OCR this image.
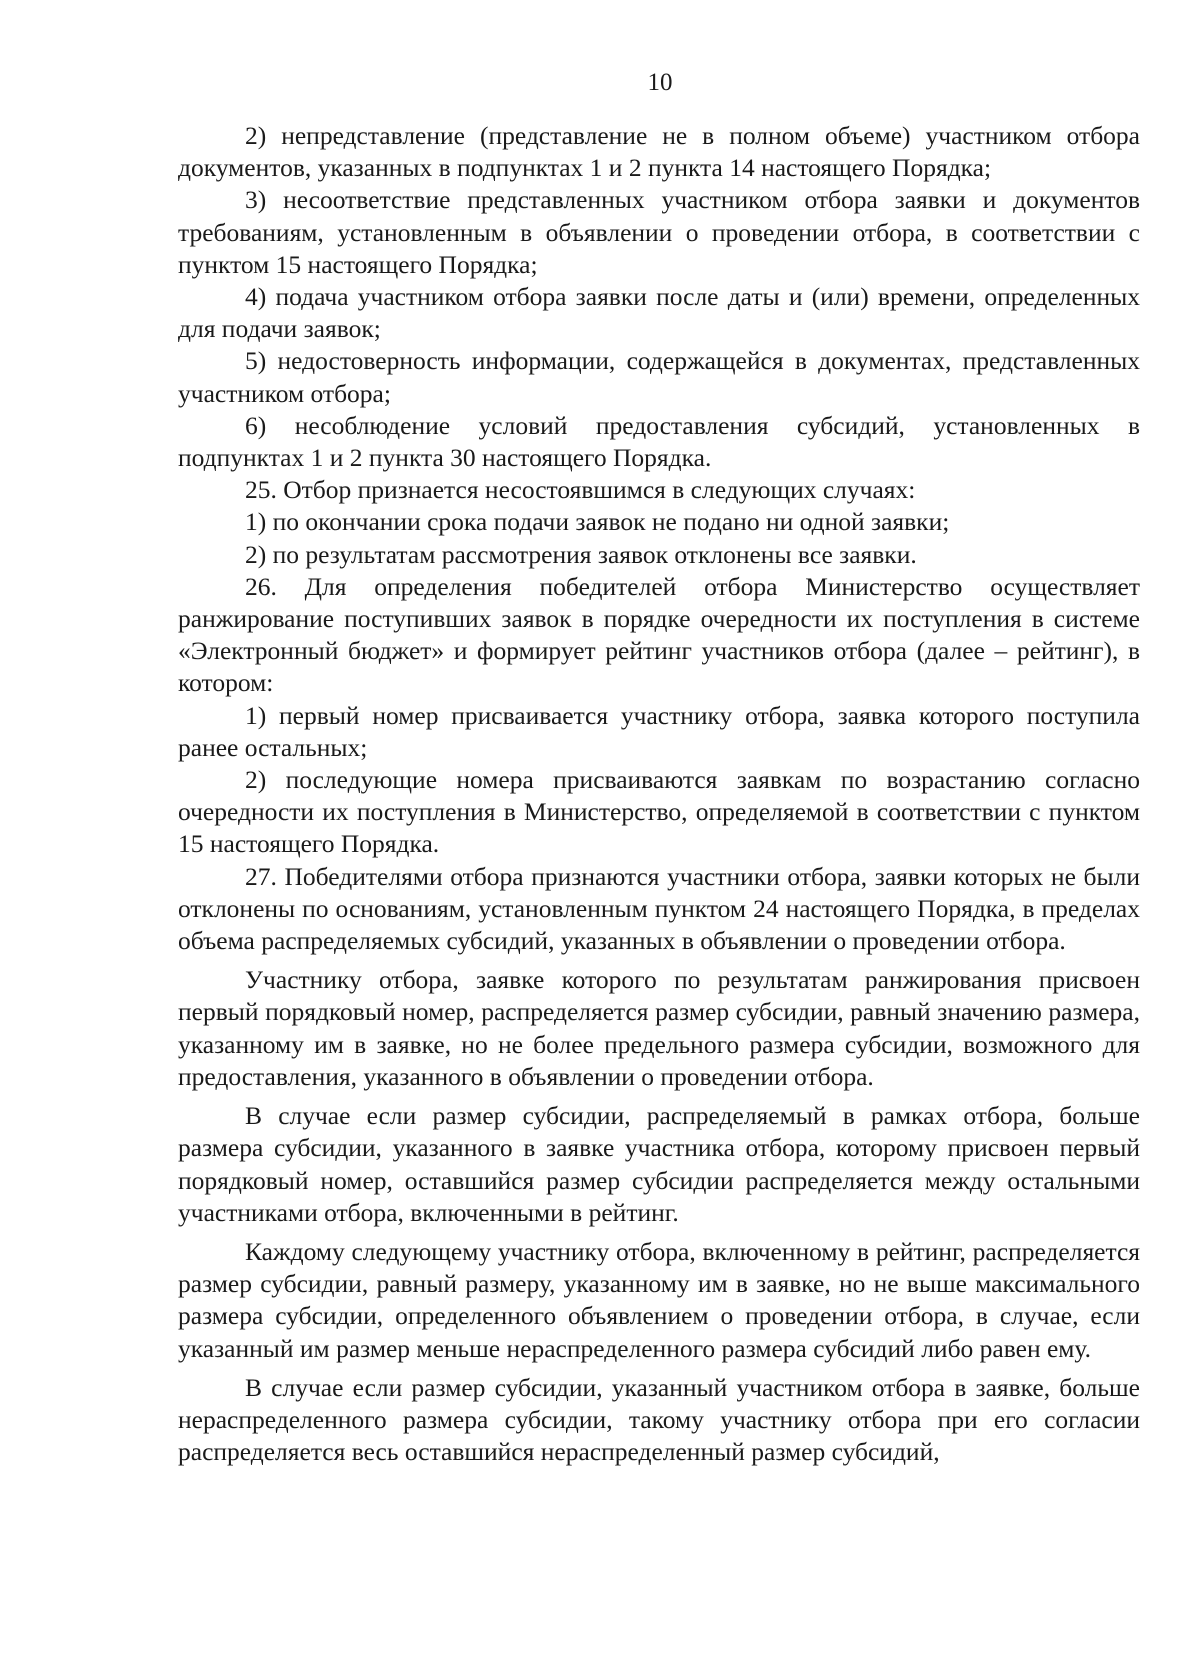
10

2) непредставление (представление не в полном объеме) участником отбора документов, указанных в подпунктах 1 и 2 пункта 14 настоящего Порядка;

3) несоответствие представленных участником отбора заявки и документов требованиям, установленным в объявлении о проведении отбора, в соответствии с пунктом 15 настоящего Порядка;

4) подача участником отбора заявки после даты и (или) времени, определенных для подачи заявок;

5) недостоверность информации, содержащейся в документах, представленных участником отбора;

6) несоблюдение условий предоставления субсидий, установленных в подпунктах 1 и 2 пункта 30 настоящего Порядка.

25. Отбор признается несостоявшимся в следующих случаях:

1) по окончании срока подачи заявок не подано ни одной заявки;

2) по результатам рассмотрения заявок отклонены все заявки.

26. Для определения победителей отбора Министерство осуществляет ранжирование поступивших заявок в порядке очередности их поступления в системе «Электронный бюджет» и формирует рейтинг участников отбора (далее – рейтинг), в котором:

1) первый номер присваивается участнику отбора, заявка которого поступила ранее остальных;

2) последующие номера присваиваются заявкам по возрастанию согласно очередности их поступления в Министерство, определяемой в соответствии с пунктом 15 настоящего Порядка.

27. Победителями отбора признаются участники отбора, заявки которых не были отклонены по основаниям, установленным пунктом 24 настоящего Порядка, в пределах объема распределяемых субсидий, указанных в объявлении о проведении отбора.

Участнику отбора, заявке которого по результатам ранжирования присвоен первый порядковый номер, распределяется размер субсидии, равный значению размера, указанному им в заявке, но не более предельного размера субсидии, возможного для предоставления, указанного в объявлении о проведении отбора.

В случае если размер субсидии, распределяемый в рамках отбора, больше размера субсидии, указанного в заявке участника отбора, которому присвоен первый порядковый номер, оставшийся размер субсидии распределяется между остальными участниками отбора, включенными в рейтинг.

Каждому следующему участнику отбора, включенному в рейтинг, распределяется размер субсидии, равный размеру, указанному им в заявке, но не выше максимального размера субсидии, определенного объявлением о проведении отбора, в случае, если указанный им размер меньше нераспределенного размера субсидий либо равен ему.

В случае если размер субсидии, указанный участником отбора в заявке, больше нераспределенного размера субсидии, такому участнику отбора при его согласии распределяется весь оставшийся нераспределенный размер субсидий,
